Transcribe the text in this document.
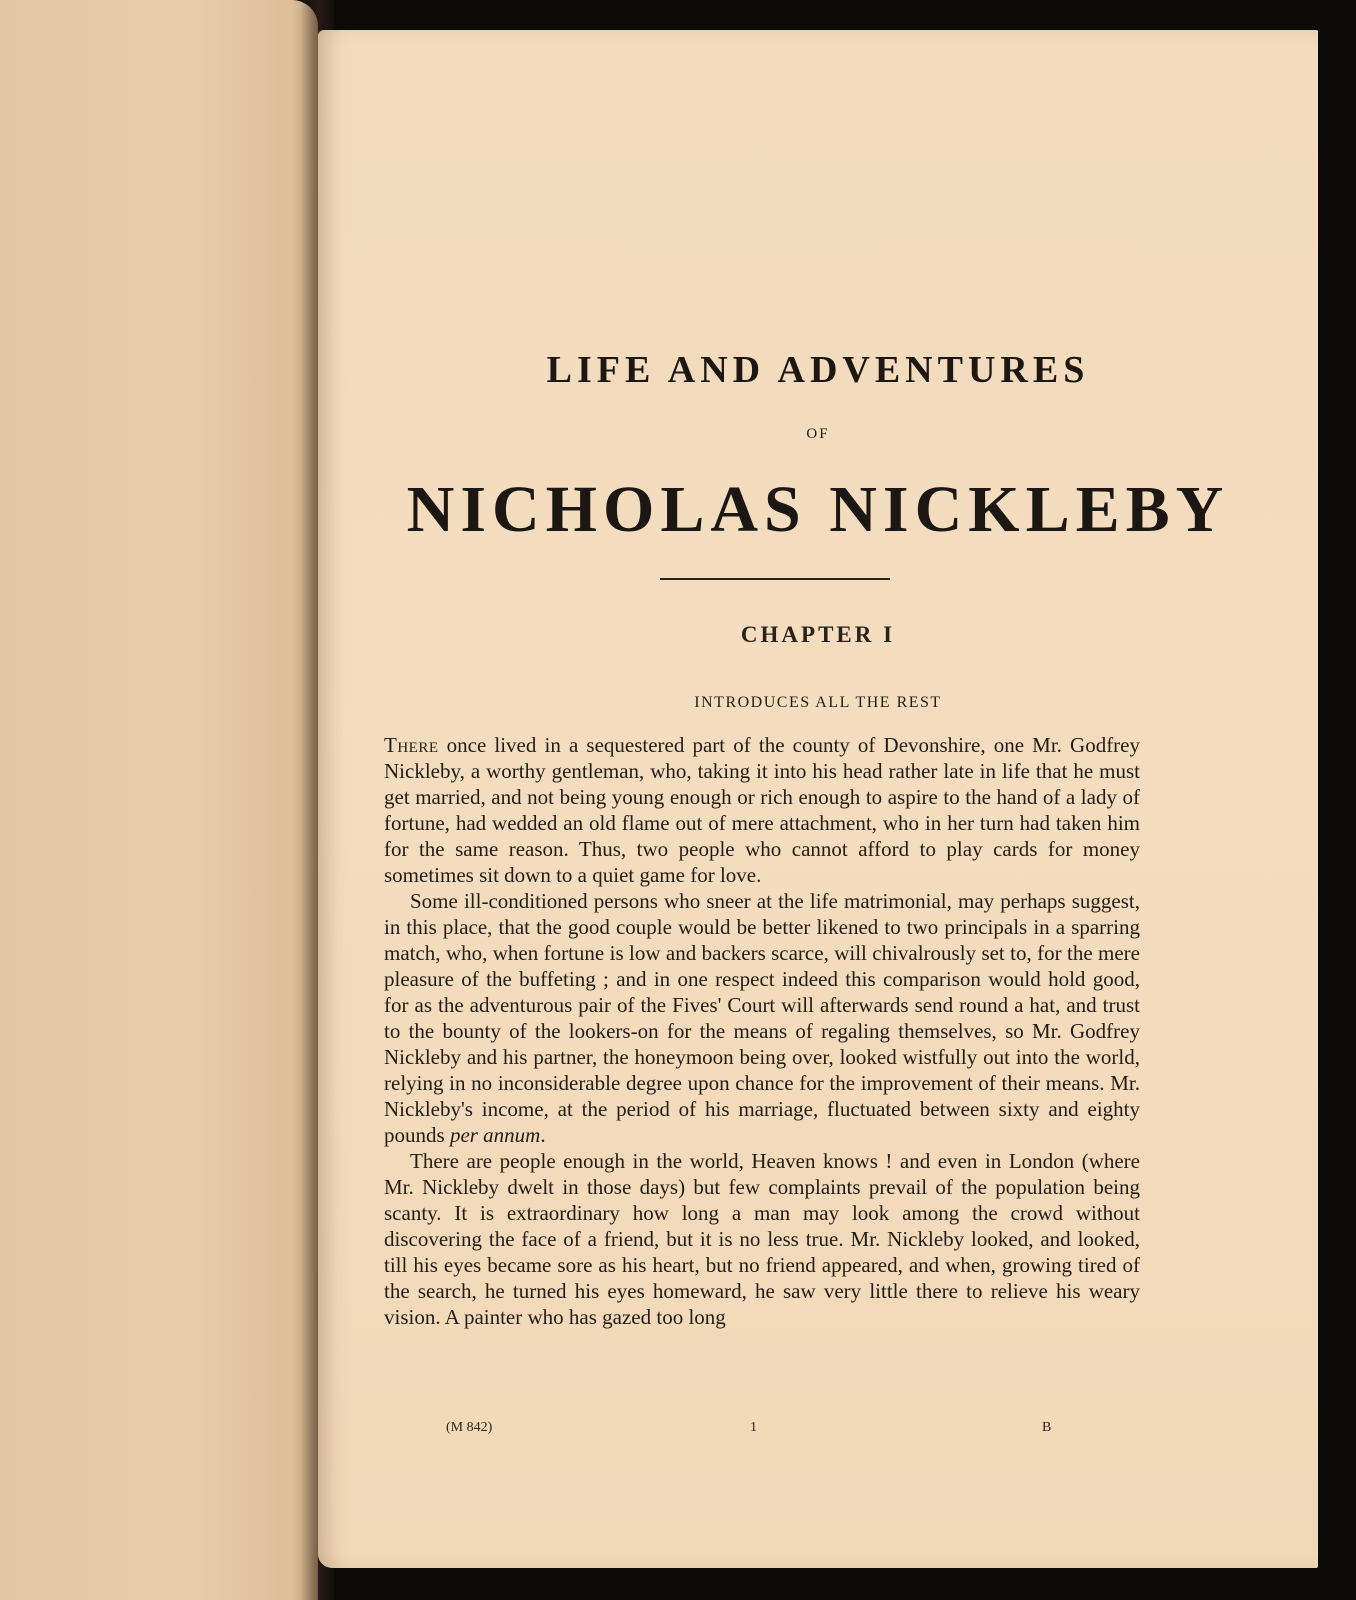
LIFE AND ADVENTURES
OF
NICHOLAS NICKLEBY
CHAPTER I
INTRODUCES ALL THE REST

There once lived in a sequestered part of the county of Devonshire, one Mr. Godfrey Nickleby, a worthy gentleman, who, taking it into his head rather late in life that he must get married, and not being young enough or rich enough to aspire to the hand of a lady of fortune, had wedded an old flame out of mere attachment, who in her turn had taken him for the same reason. Thus, two people who cannot afford to play cards for money sometimes sit down to a quiet game for love.

Some ill-conditioned persons who sneer at the life matrimonial, may perhaps suggest, in this place, that the good couple would be better likened to two principals in a sparring match, who, when fortune is low and backers scarce, will chivalrously set to, for the mere pleasure of the buffeting ; and in one respect indeed this comparison would hold good, for as the adventurous pair of the Fives' Court will afterwards send round a hat, and trust to the bounty of the lookers-on for the means of regaling themselves, so Mr. Godfrey Nickleby and his partner, the honeymoon being over, looked wistfully out into the world, relying in no inconsiderable degree upon chance for the improvement of their means. Mr. Nickleby's income, at the period of his marriage, fluctuated between sixty and eighty pounds per annum.

There are people enough in the world, Heaven knows ! and even in London (where Mr. Nickleby dwelt in those days) but few complaints prevail of the population being scanty. It is extraordinary how long a man may look among the crowd without discovering the face of a friend, but it is no less true. Mr. Nickleby looked, and looked, till his eyes became sore as his heart, but no friend appeared, and when, growing tired of the search, he turned his eyes homeward, he saw very little there to relieve his weary vision. A painter who has gazed too long

(M 842)	1	B
